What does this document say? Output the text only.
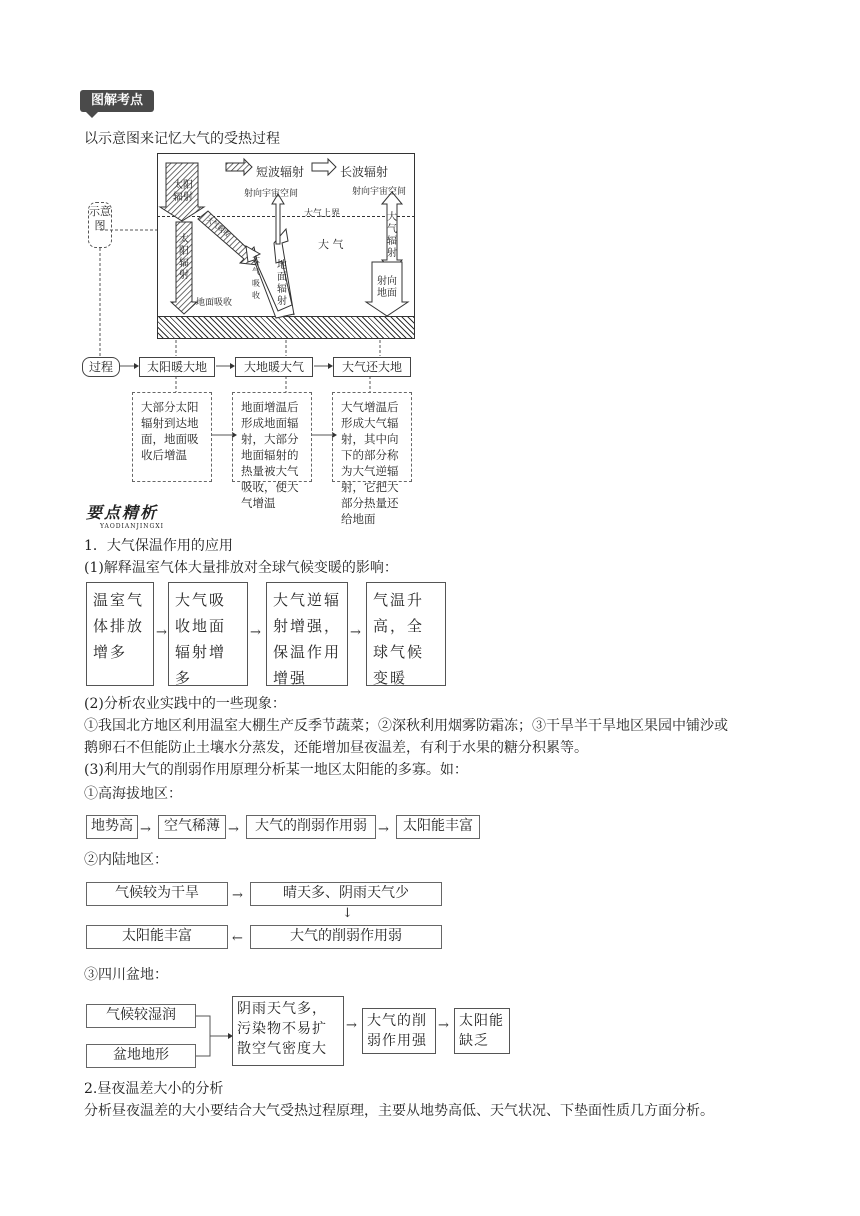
图解考点
以示意图来记忆大气的受热过程
短波辐射	长波辐射
射向宇宙空间	射向宇宙空间
大气上界
大 气
太阳辐射
太阳辐射
地面吸收
大气吸收
大气吸收
地面辐射
大气辐射
射向地面
示意图
过程	太阳暖大地	大地暖大气	大气还大地
大部分太阳辐射到达地面，地面吸收后增温
地面增温后形成地面辐射，大部分地面辐射的热量被大气吸收，使大气增温
大气增温后形成大气辐射，其中向下的部分称为大气逆辐射，它把大部分热量还给地面
要点精析
YAODIANJINGXI
1．大气保温作用的应用
(1)解释温室气体大量排放对全球气候变暖的影响：
温室气体排放增多
→
大气吸收地面辐射增多
→
大气逆辐射增强，保温作用增强
→
气温升高，全球气候变暖
(2)分析农业实践中的一些现象：
①我国北方地区利用温室大棚生产反季节蔬菜；②深秋利用烟雾防霜冻；③干旱半干旱地区果园中铺沙或
鹅卵石不但能防止土壤水分蒸发，还能增加昼夜温差，有利于水果的糖分积累等。
(3)利用大气的削弱作用原理分析某一地区太阳能的多寡。如：
①高海拔地区：
地势高 → 空气稀薄 →	大气的削弱作用弱 →	太阳能丰富
②内陆地区：
气候较为干旱	→	晴天多、阴雨天气少
↓
大气的削弱作用弱
←
太阳能丰富
③四川盆地：
气候较湿润
盆地地形
阴雨天气多，污染物不易扩散空气密度大
→ 大气的削弱作用强
→ 太阳能缺乏
2.昼夜温差大小的分析
分析昼夜温差的大小要结合大气受热过程原理，主要从地势高低、天气状况、下垫面性质几方面分析。
